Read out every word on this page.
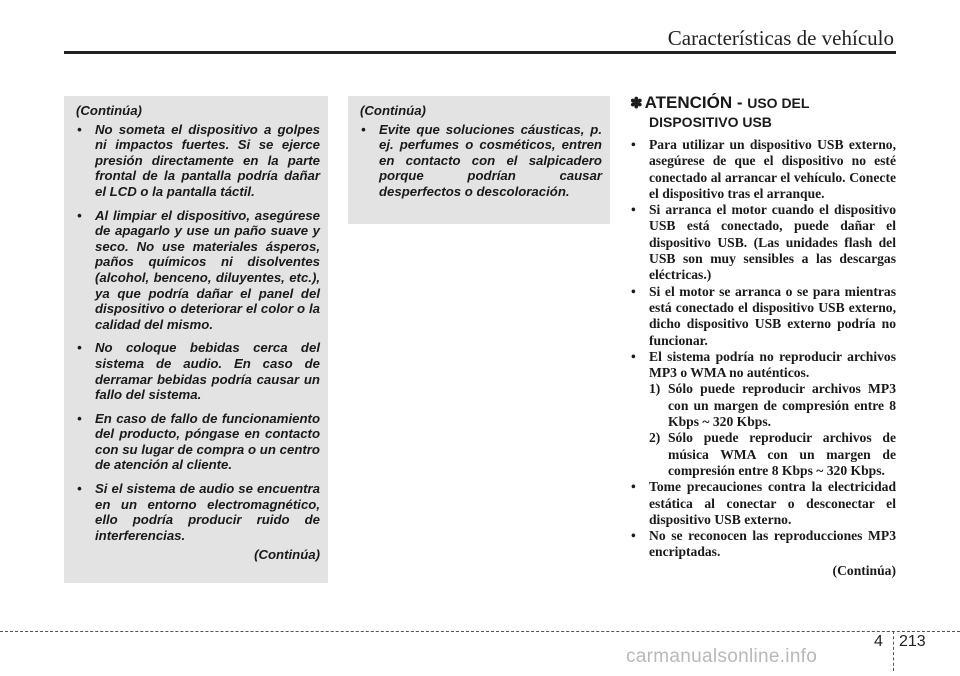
Características de vehículo
(Continúa)
• No someta el dispositivo a golpes ni impactos fuertes. Si se ejerce presión directamente en la parte frontal de la pantalla podría dañar el LCD o la pantalla táctil.
• Al limpiar el dispositivo, asegúrese de apagarlo y use un paño suave y seco. No use materiales ásperos, paños químicos ni disolventes (alcohol, benceno, diluyentes, etc.), ya que podría dañar el panel del dispositivo o deteriorar el color o la calidad del mismo.
• No coloque bebidas cerca del sistema de audio. En caso de derramar bebidas podría causar un fallo del sistema.
• En caso de fallo de funcionamiento del producto, póngase en contacto con su lugar de compra o un centro de atención al cliente.
• Si el sistema de audio se encuentra en un entorno electromagnético, ello podría producir ruido de interferencias.
(Continúa)
(Continúa)
• Evite que soluciones cáusticas, p. ej. perfumes o cosméticos, entren en contacto con el salpicadero porque podrían causar desperfectos o descoloración.
✽ ATENCIÓN - USO DEL
DISPOSITIVO USB
• Para utilizar un dispositivo USB externo, asegúrese de que el dispositivo no esté conectado al arrancar el vehículo. Conecte el dispositivo tras el arranque.
• Si arranca el motor cuando el dispositivo USB está conectado, puede dañar el dispositivo USB. (Las unidades flash del USB son muy sensibles a las descargas eléctricas.)
• Si el motor se arranca o se para mientras está conectado el dispositivo USB externo, dicho dispositivo USB externo podría no funcionar.
• El sistema podría no reproducir archivos MP3 o WMA no auténticos.
1) Sólo puede reproducir archivos MP3 con un margen de compresión entre 8 Kbps ~ 320 Kbps.
2) Sólo puede reproducir archivos de música WMA con un margen de compresión entre 8 Kbps ~ 320 Kbps.
• Tome precauciones contra la electricidad estática al conectar o desconectar el dispositivo USB externo.
• No se reconocen las reproducciones MP3 encriptadas.
(Continúa)
4 213
carmanualsonline.info
